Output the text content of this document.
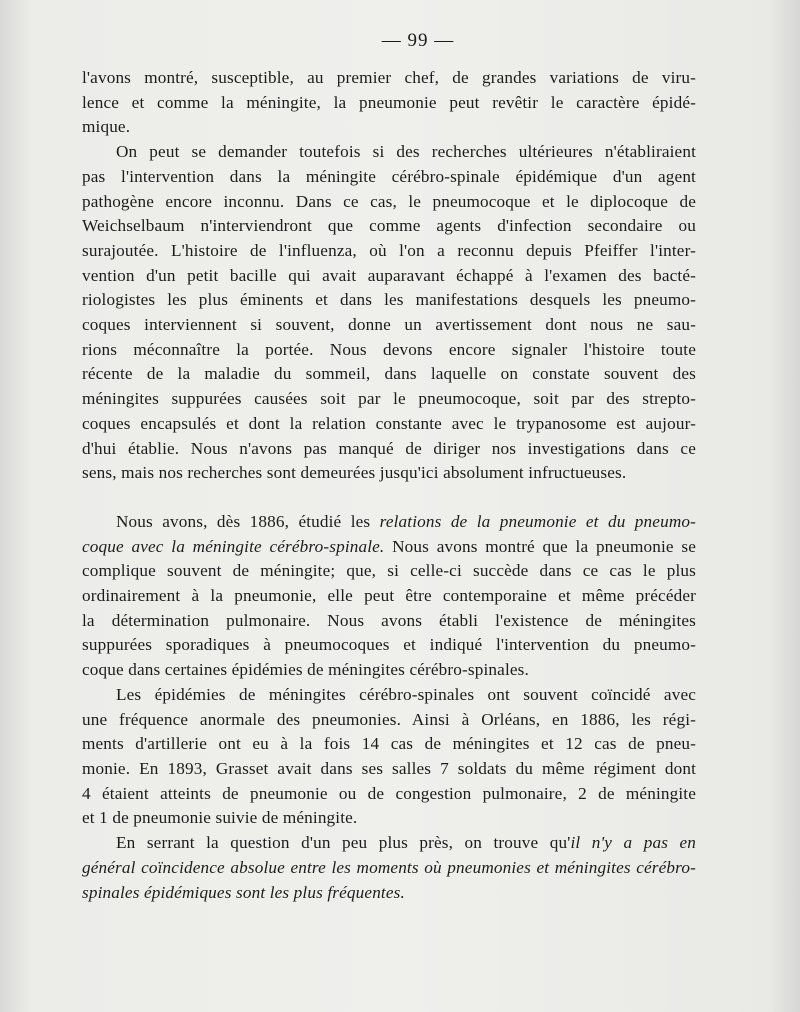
— 99 —

l'avons montré, susceptible, au premier chef, de grandes variations de viru-
lence et comme la méningite, la pneumonie peut revêtir le caractère épidé-
mique.

On peut se demander toutefois si des recherches ultérieures n'établiraient
pas l'intervention dans la méningite cérébro-spinale épidémique d'un agent
pathogène encore inconnu. Dans ce cas, le pneumocoque et le diplocoque de
Weichselbaum n'interviendront que comme agents d'infection secondaire ou
surajoutée. L'histoire de l'influenza, où l'on a reconnu depuis Pfeiffer l'inter-
vention d'un petit bacille qui avait auparavant échappé à l'examen des bacté-
riologistes les plus éminents et dans les manifestations desquels les pneumo-
coques interviennent si souvent, donne un avertissement dont nous ne sau-
rions méconnaître la portée. Nous devons encore signaler l'histoire toute
récente de la maladie du sommeil, dans laquelle on constate souvent des
méningites suppurées causées soit par le pneumocoque, soit par des strepto-
coques encapsulés et dont la relation constante avec le trypanosome est aujour-
d'hui établie. Nous n'avons pas manqué de diriger nos investigations dans ce
sens, mais nos recherches sont demeurées jusqu'ici absolument infructueuses.

Nous avons, dès 1886, étudié les relations de la pneumonie et du pneumo-
coque avec la méningite cérébro-spinale. Nous avons montré que la pneumonie se
complique souvent de méningite; que, si celle-ci succède dans ce cas le plus
ordinairement à la pneumonie, elle peut être contemporaine et même précéder
la détermination pulmonaire. Nous avons établi l'existence de méningites
suppurées sporadiques à pneumocoques et indiqué l'intervention du pneumo-
coque dans certaines épidémies de méningites cérébro-spinales.

Les épidémies de méningites cérébro-spinales ont souvent coïncidé avec
une fréquence anormale des pneumonies. Ainsi à Orléans, en 1886, les régi-
ments d'artillerie ont eu à la fois 14 cas de méningites et 12 cas de pneu-
monie. En 1893, Grasset avait dans ses salles 7 soldats du même régiment dont
4 étaient atteints de pneumonie ou de congestion pulmonaire, 2 de méningite
et 1 de pneumonie suivie de méningite.

En serrant la question d'un peu plus près, on trouve qu'il n'y a pas en
général coïncidence absolue entre les moments où pneumonies et méningites cérébro-
spinales épidémiques sont les plus fréquentes.
